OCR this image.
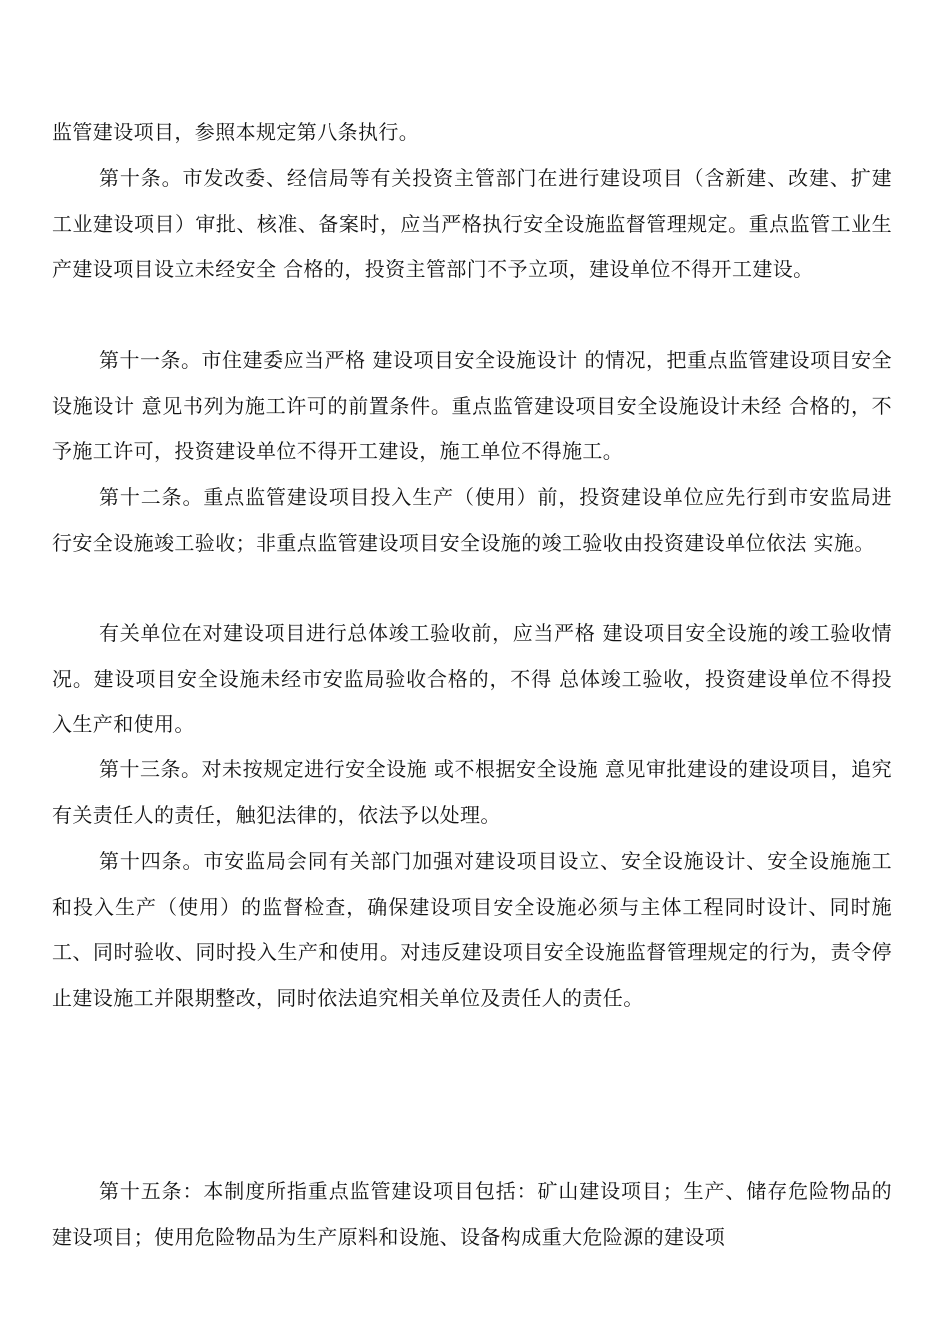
监管建设项目，参照本规定第八条执行。

第十条。市发改委、经信局等有关投资主管部门在进行建设项目（含新建、改建、扩建工业建设项目）审批、核准、备案时，应当严格执行安全设施监督管理规定。重点监管工业生产建设项目设立未经安全 合格的，投资主管部门不予立项，建设单位不得开工建设。

第十一条。市住建委应当严格 建设项目安全设施设计 的情况，把重点监管建设项目安全设施设计 意见书列为施工许可的前置条件。重点监管建设项目安全设施设计未经 合格的，不予施工许可，投资建设单位不得开工建设，施工单位不得施工。

第十二条。重点监管建设项目投入生产（使用）前，投资建设单位应先行到市安监局进行安全设施竣工验收；非重点监管建设项目安全设施的竣工验收由投资建设单位依法 实施。

有关单位在对建设项目进行总体竣工验收前，应当严格 建设项目安全设施的竣工验收情况。建设项目安全设施未经市安监局验收合格的，不得 总体竣工验收，投资建设单位不得投入生产和使用。

第十三条。对未按规定进行安全设施 或不根据安全设施 意见审批建设的建设项目，追究有关责任人的责任，触犯法律的，依法予以处理。

第十四条。市安监局会同有关部门加强对建设项目设立、安全设施设计、安全设施施工和投入生产（使用）的监督检查，确保建设项目安全设施必须与主体工程同时设计、同时施工、同时验收、同时投入生产和使用。对违反建设项目安全设施监督管理规定的行为，责令停止建设施工并限期整改，同时依法追究相关单位及责任人的责任。

第十五条：本制度所指重点监管建设项目包括：矿山建设项目；生产、储存危险物品的建设项目；使用危险物品为生产原料和设施、设备构成重大危险源的建设项
